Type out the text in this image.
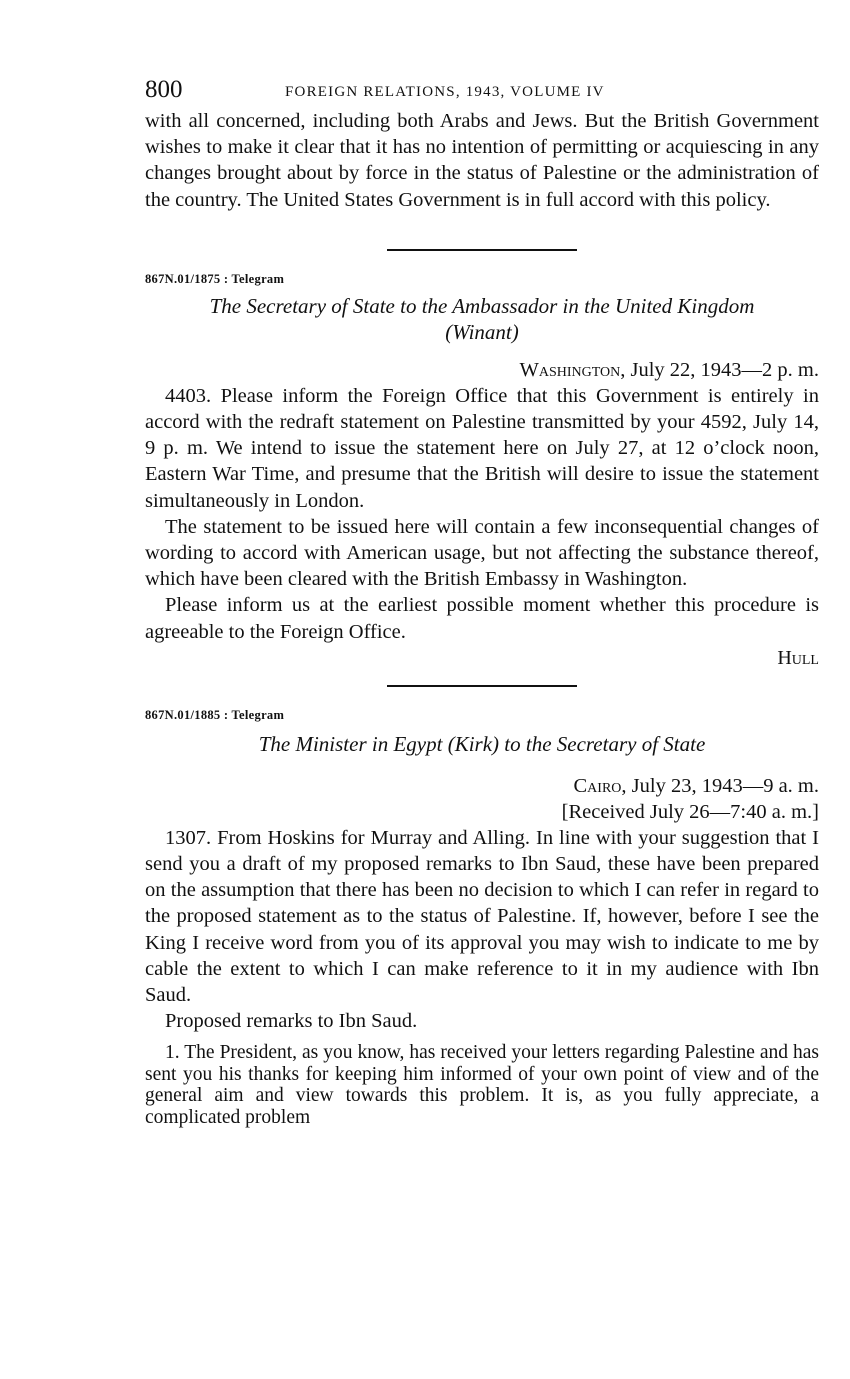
800	FOREIGN RELATIONS, 1943, VOLUME IV

with all concerned, including both Arabs and Jews. But the British Government wishes to make it clear that it has no intention of permitting or acquiescing in any changes brought about by force in the status of Palestine or the administration of the country. The United States Government is in full accord with this policy.

867N.01/1875 : Telegram
The Secretary of State to the Ambassador in the United Kingdom
(Winant)
Washington, July 22, 1943—2 p. m.

4403. Please inform the Foreign Office that this Government is entirely in accord with the redraft statement on Palestine transmitted by your 4592, July 14, 9 p. m. We intend to issue the statement here on July 27, at 12 o’clock noon, Eastern War Time, and presume that the British will desire to issue the statement simultaneously in London.

The statement to be issued here will contain a few inconsequential changes of wording to accord with American usage, but not affecting the substance thereof, which have been cleared with the British Embassy in Washington.

Please inform us at the earliest possible moment whether this procedure is agreeable to the Foreign Office.

Hull
867N.01/1885 : Telegram
The Minister in Egypt (Kirk) to the Secretary of State
Cairo, July 23, 1943—9 a. m.
[Received July 26—7:40 a. m.]

1307. From Hoskins for Murray and Alling. In line with your suggestion that I send you a draft of my proposed remarks to Ibn Saud, these have been prepared on the assumption that there has been no decision to which I can refer in regard to the proposed statement as to the status of Palestine. If, however, before I see the King I receive word from you of its approval you may wish to indicate to me by cable the extent to which I can make reference to it in my audience with Ibn Saud.

Proposed remarks to Ibn Saud.

1. The President, as you know, has received your letters regarding Palestine and has sent you his thanks for keeping him informed of your own point of view and of the general aim and view towards this problem. It is, as you fully appreciate, a complicated problem
